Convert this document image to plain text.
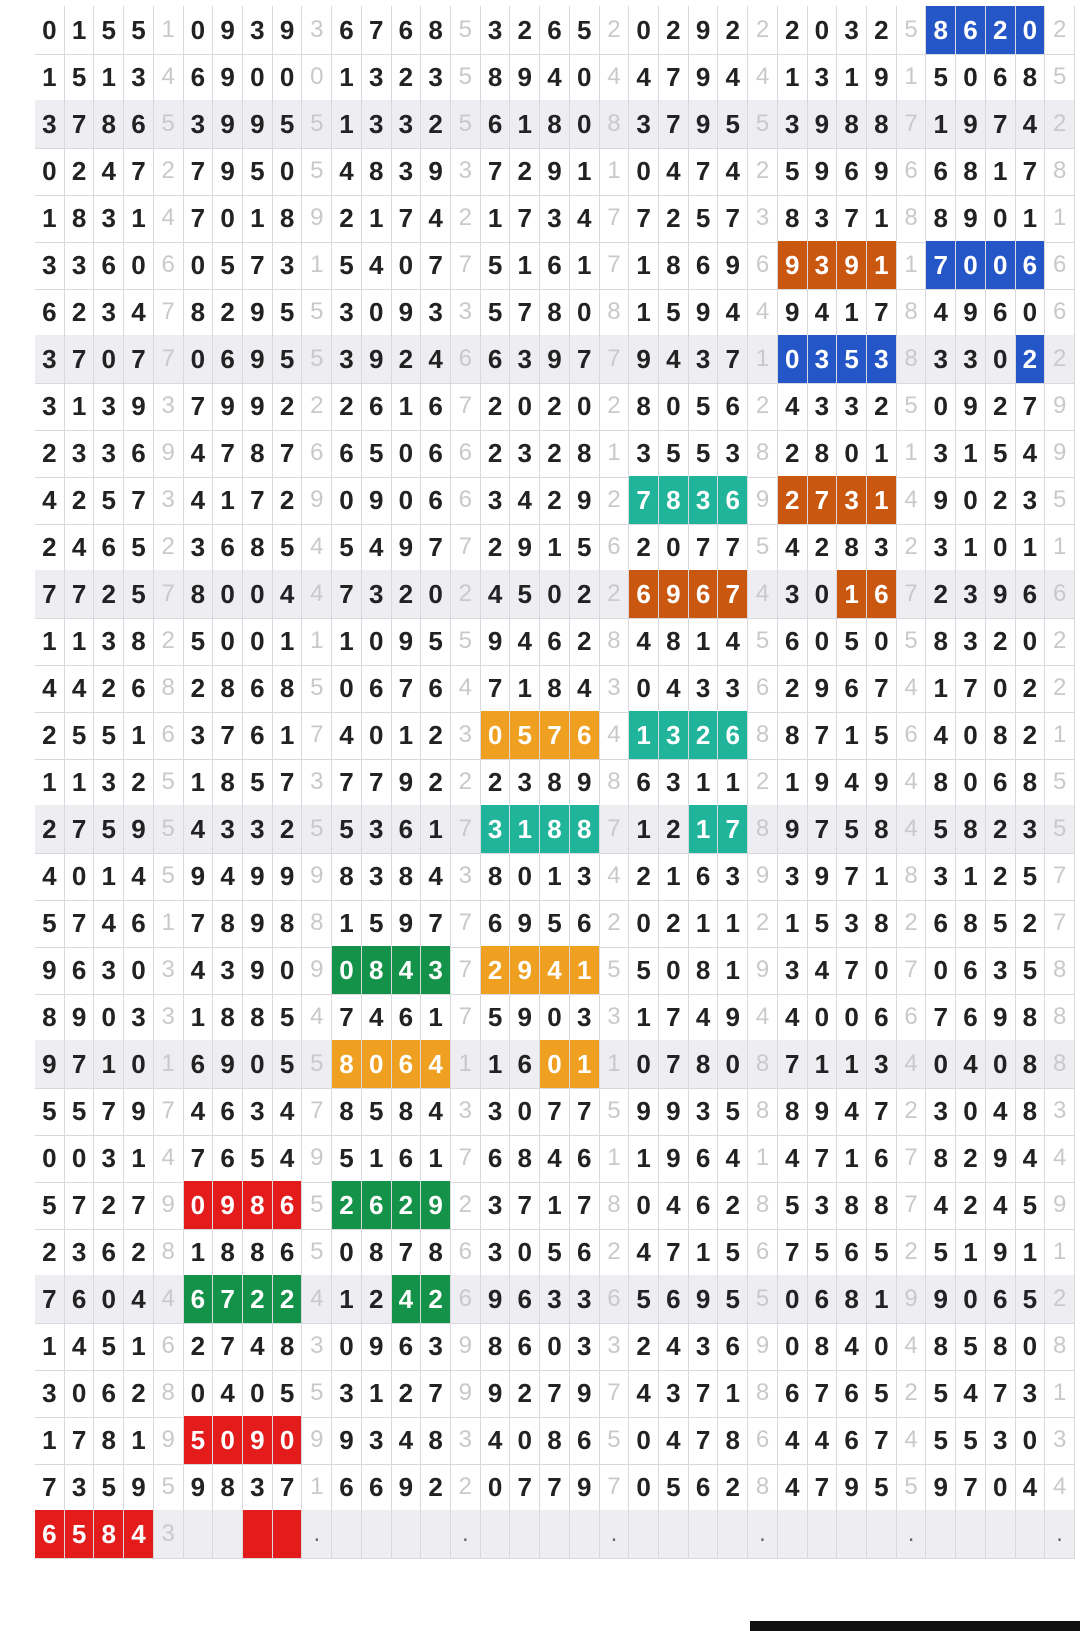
0 1 5 5 1 0 9 3 9 3 6 7 6 8 5 3 2 6 5 2 0 2 9 2 2 2 0 3 2 5 8 6 2 0 2
1 5 1 3 4 6 9 0 0 0 1 3 2 3 5 8 9 4 0 4 4 7 9 4 4 1 3 1 9 1 5 0 6 8 5
3 7 8 6 5 3 9 9 5 5 1 3 3 2 5 6 1 8 0 8 3 7 9 5 5 3 9 8 8 7 1 9 7 4 2
0 2 4 7 2 7 9 5 0 5 4 8 3 9 3 7 2 9 1 1 0 4 7 4 2 5 9 6 9 6 6 8 1 7 8
1 8 3 1 4 7 0 1 8 9 2 1 7 4 2 1 7 3 4 7 7 2 5 7 3 8 3 7 1 8 8 9 0 1 1
3 3 6 0 6 0 5 7 3 1 5 4 0 7 7 5 1 6 1 7 1 8 6 9 6 9 3 9 1 1 7 0 0 6 6
6 2 3 4 7 8 2 9 5 5 3 0 9 3 3 5 7 8 0 8 1 5 9 4 4 9 4 1 7 8 4 9 6 0 6
3 7 0 7 7 0 6 9 5 5 3 9 2 4 6 6 3 9 7 7 9 4 3 7 1 0 3 5 3 8 3 3 0 2 2
3 1 3 9 3 7 9 9 2 2 2 6 1 6 7 2 0 2 0 2 8 0 5 6 2 4 3 3 2 5 0 9 2 7 9
2 3 3 6 9 4 7 8 7 6 6 5 0 6 6 2 3 2 8 1 3 5 5 3 8 2 8 0 1 1 3 1 5 4 9
4 2 5 7 3 4 1 7 2 9 0 9 0 6 6 3 4 2 9 2 7 8 3 6 9 2 7 3 1 4 9 0 2 3 5
2 4 6 5 2 3 6 8 5 4 5 4 9 7 7 2 9 1 5 6 2 0 7 7 5 4 2 8 3 2 3 1 0 1 1
7 7 2 5 7 8 0 0 4 4 7 3 2 0 2 4 5 0 2 2 6 9 6 7 4 3 0 1 6 7 2 3 9 6 6
1 1 3 8 2 5 0 0 1 1 1 0 9 5 5 9 4 6 2 8 4 8 1 4 5 6 0 5 0 5 8 3 2 0 2
4 4 2 6 8 2 8 6 8 5 0 6 7 6 4 7 1 8 4 3 0 4 3 3 6 2 9 6 7 4 1 7 0 2 2
2 5 5 1 6 3 7 6 1 7 4 0 1 2 3 0 5 7 6 4 1 3 2 6 8 8 7 1 5 6 4 0 8 2 1
1 1 3 2 5 1 8 5 7 3 7 7 9 2 2 2 3 8 9 8 6 3 1 1 2 1 9 4 9 4 8 0 6 8 5
2 7 5 9 5 4 3 3 2 5 5 3 6 1 7 3 1 8 8 7 1 2 1 7 8 9 7 5 8 4 5 8 2 3 5
4 0 1 4 5 9 4 9 9 9 8 3 8 4 3 8 0 1 3 4 2 1 6 3 9 3 9 7 1 8 3 1 2 5 7
5 7 4 6 1 7 8 9 8 8 1 5 9 7 7 6 9 5 6 2 0 2 1 1 2 1 5 3 8 2 6 8 5 2 7
9 6 3 0 3 4 3 9 0 9 0 8 4 3 7 2 9 4 1 5 5 0 8 1 9 3 4 7 0 7 0 6 3 5 8
8 9 0 3 3 1 8 8 5 4 7 4 6 1 7 5 9 0 3 3 1 7 4 9 4 4 0 0 6 6 7 6 9 8 8
9 7 1 0 1 6 9 0 5 5 8 0 6 4 1 1 6 0 1 1 0 7 8 0 8 7 1 1 3 4 0 4 0 8 8
5 5 7 9 7 4 6 3 4 7 8 5 8 4 3 3 0 7 7 5 9 9 3 5 8 8 9 4 7 2 3 0 4 8 3
0 0 3 1 4 7 6 5 4 9 5 1 6 1 7 6 8 4 6 1 1 9 6 4 1 4 7 1 6 7 8 2 9 4 4
5 7 2 7 9 0 9 8 6 5 2 6 2 9 2 3 7 1 7 8 0 4 6 2 8 5 3 8 8 7 4 2 4 5 9
2 3 6 2 8 1 8 8 6 5 0 8 7 8 6 3 0 5 6 2 4 7 1 5 6 7 5 6 5 2 5 1 9 1 1
7 6 0 4 4 6 7 2 2 4 1 2 4 2 6 9 6 3 3 6 5 6 9 5 5 0 6 8 1 9 9 0 6 5 2
1 4 5 1 6 2 7 4 8 3 0 9 6 3 9 8 6 0 3 3 2 4 3 6 9 0 8 4 0 4 8 5 8 0 8
3 0 6 2 8 0 4 0 5 5 3 1 2 7 9 9 2 7 9 7 4 3 7 1 8 6 7 6 5 2 5 4 7 3 1
1 7 8 1 9 5 0 9 0 9 9 3 4 8 3 4 0 8 6 5 0 4 7 8 6 4 4 6 7 4 5 5 3 0 3
7 3 5 9 5 9 8 3 7 1 6 6 9 2 2 0 7 7 9 7 0 5 6 2 8 4 7 9 5 5 9 7 0 4 4
6 5 8 4 3	.	.	.	.	.	.
